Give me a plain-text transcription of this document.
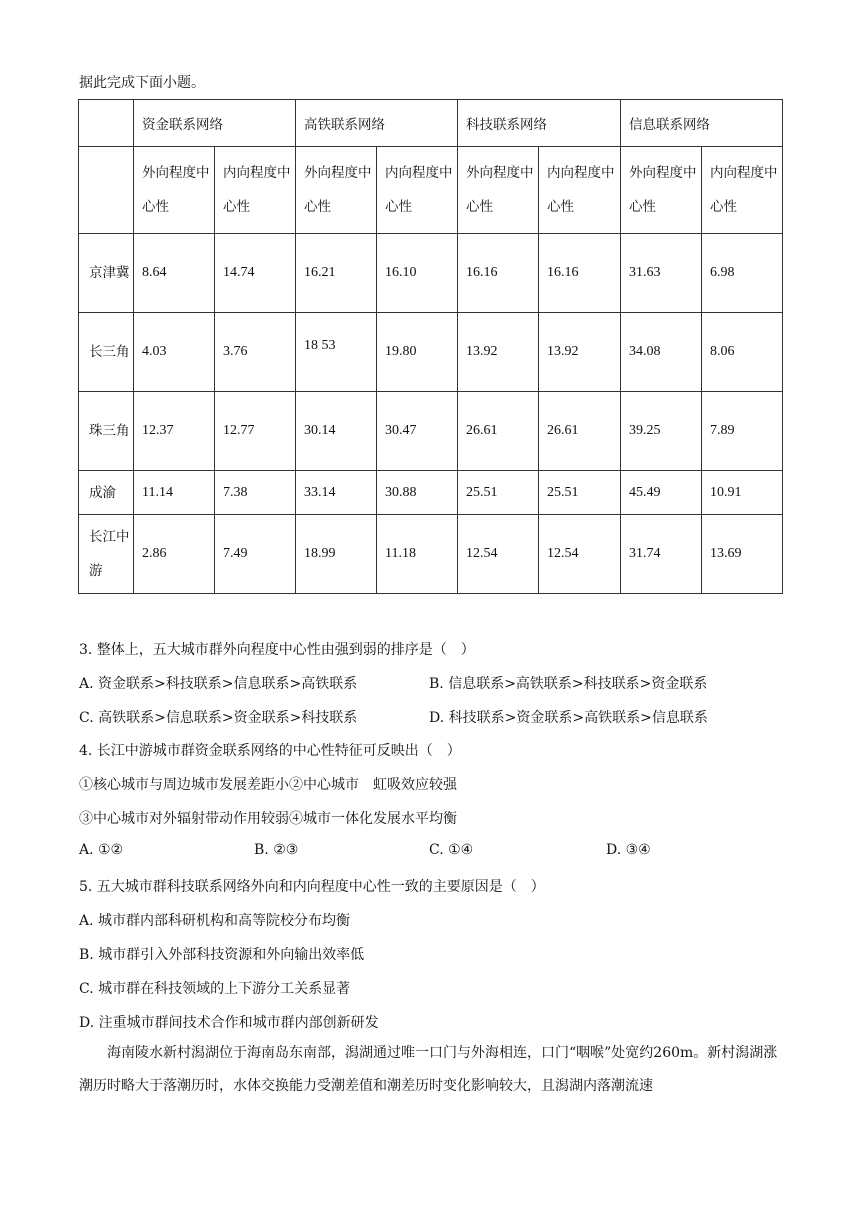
据此完成下面小题。
	资金联系网络		高铁联系网络		科技联系网络		信息联系网络	
	外向程度中心性	内向程度中心性	外向程度中心性	内向程度中心性	外向程度中心性	内向程度中心性	外向程度中心性	内向程度中心性
京津冀	8.64	14.74	16.21	16.10	16.16	16.16	31.63	6.98
长三角	4.03	3.76	18 53	19.80	13.92	13.92	34.08	8.06
珠三角	12.37	12.77	30.14	30.47	26.61	26.61	39.25	7.89
成渝	11.14	7.38	33.14	30.88	25.51	25.51	45.49	10.91
长江中游	2.86	7.49	18.99	11.18	12.54	12.54	31.74	13.69
3. 整体上，五大城市群外向程度中心性由强到弱的排序是（　）
A. 资金联系>科技联系>信息联系>高铁联系	B. 信息联系>高铁联系>科技联系>资金联系
C. 高铁联系>信息联系>资金联系>科技联系	D. 科技联系>资金联系>高铁联系>信息联系
4. 长江中游城市群资金联系网络的中心性特征可反映出（　）
①核心城市与周边城市发展差距小②中心城市　虹吸效应较强
③中心城市对外辐射带动作用较弱④城市一体化发展水平均衡
A. ①②	B. ②③	C. ①④	D. ③④
5. 五大城市群科技联系网络外向和内向程度中心性一致的主要原因是（　）
A. 城市群内部科研机构和高等院校分布均衡
B. 城市群引入外部科技资源和外向输出效率低
C. 城市群在科技领域的上下游分工关系显著
D. 注重城市群间技术合作和城市群内部创新研发
海南陵水新村潟湖位于海南岛东南部，潟湖通过唯一口门与外海相连，口门“咽喉”处宽约260m。新村潟湖涨潮历时略大于落潮历时，水体交换能力受潮差值和潮差历时变化影响较大，且潟湖内落潮流速
